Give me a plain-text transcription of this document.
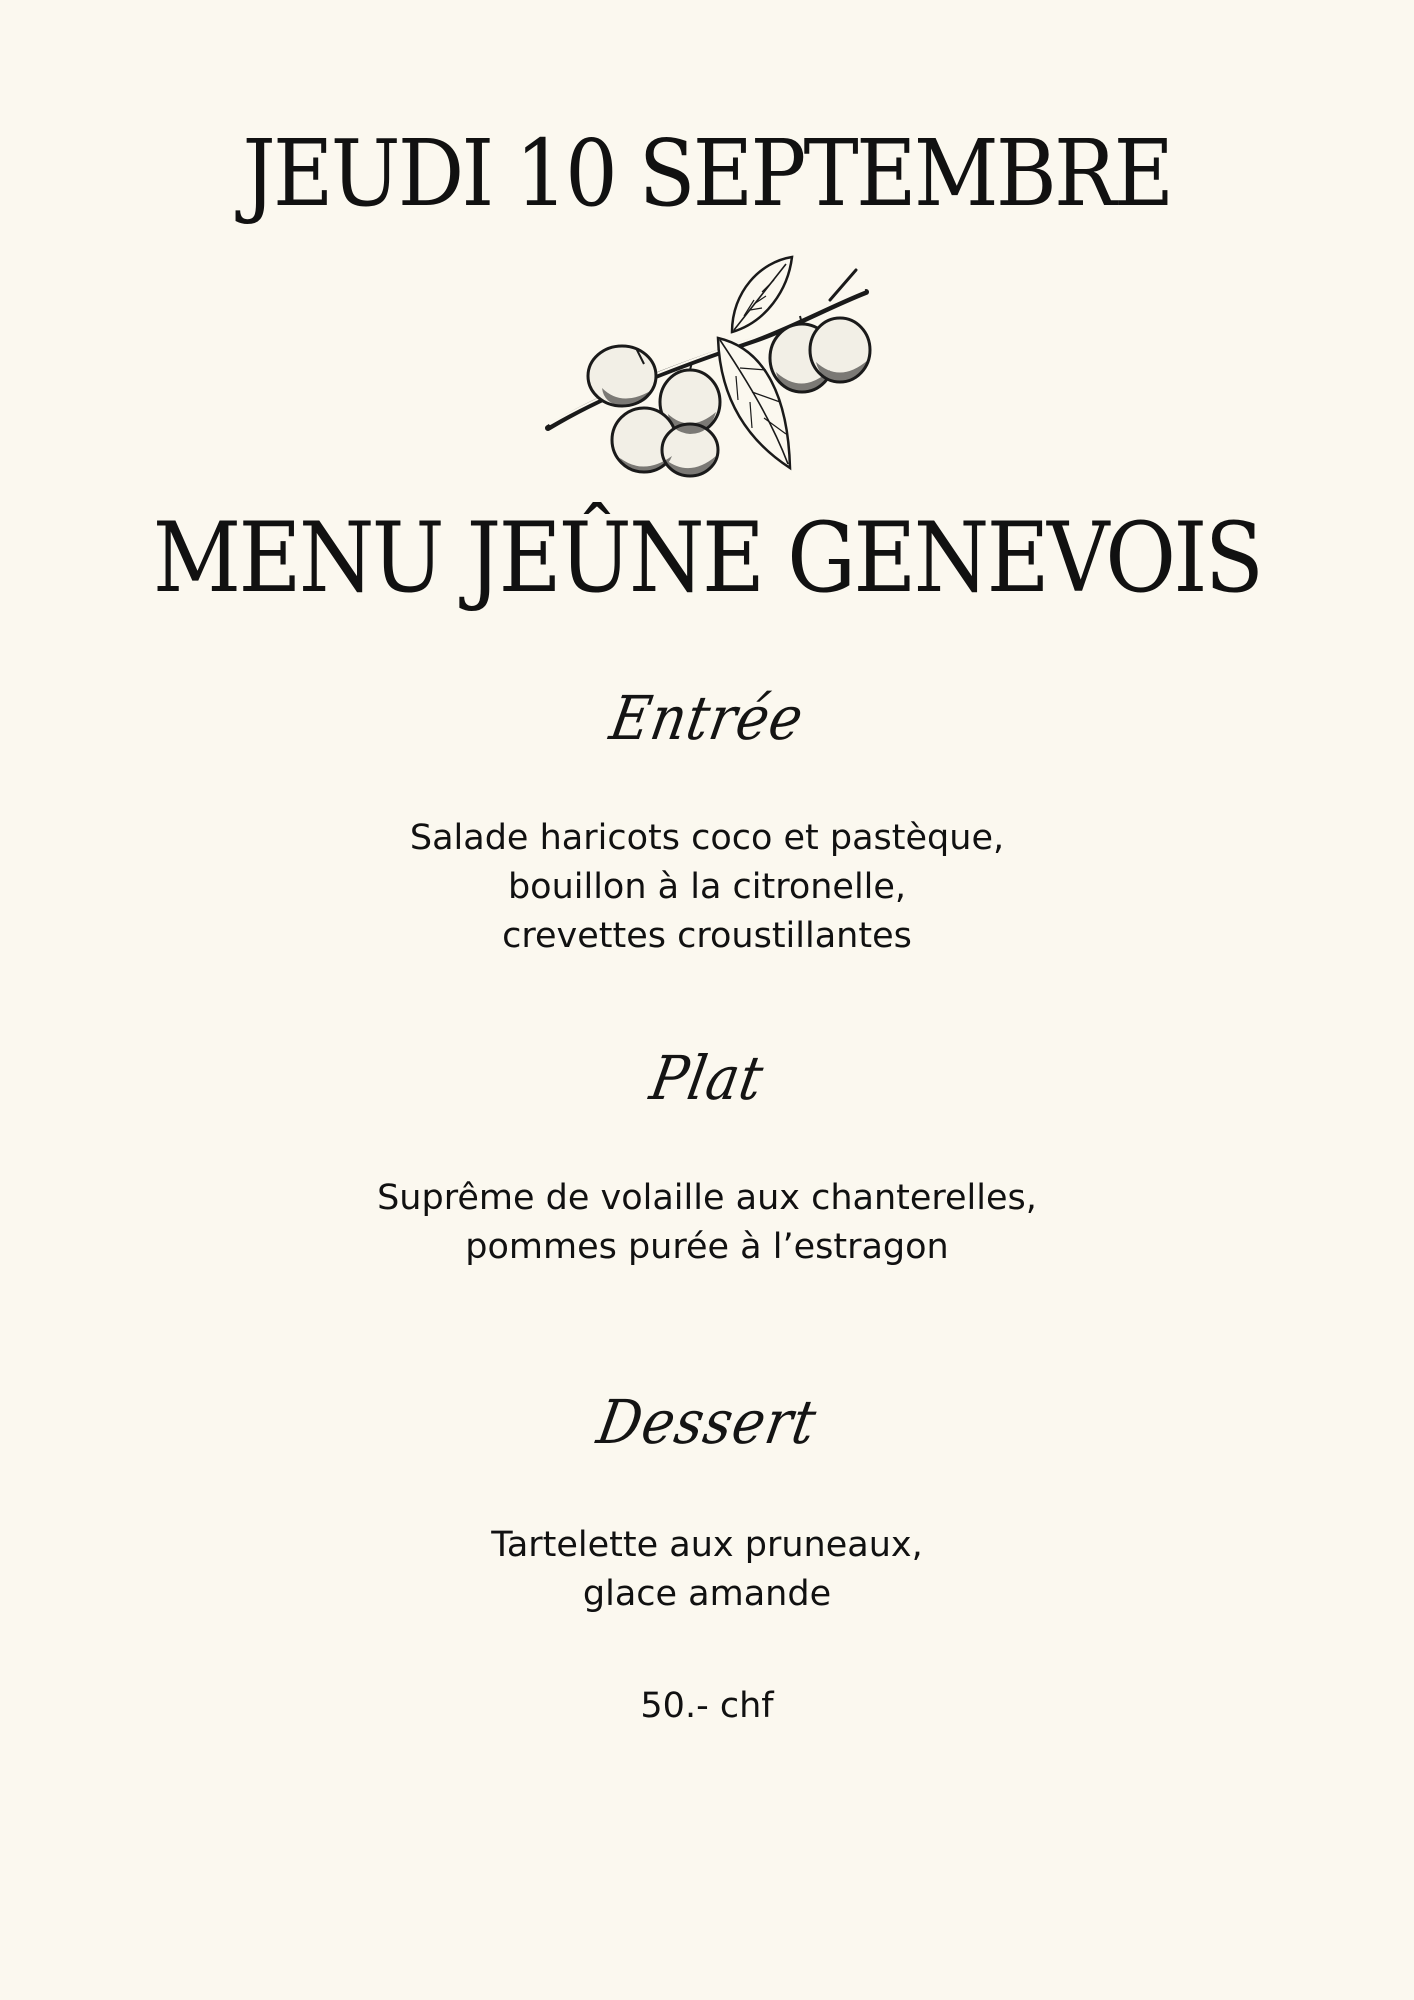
JEUDI 10 SEPTEMBRE
MENU JEÛNE GENEVOIS
Entrée
Salade haricots coco et pastèque,
bouillon à la citronelle,
crevettes croustillantes
Plat
Suprême de volaille aux chanterelles,
pommes purée à l’estragon
Dessert
Tartelette aux pruneaux,
glace amande
50.- chf
